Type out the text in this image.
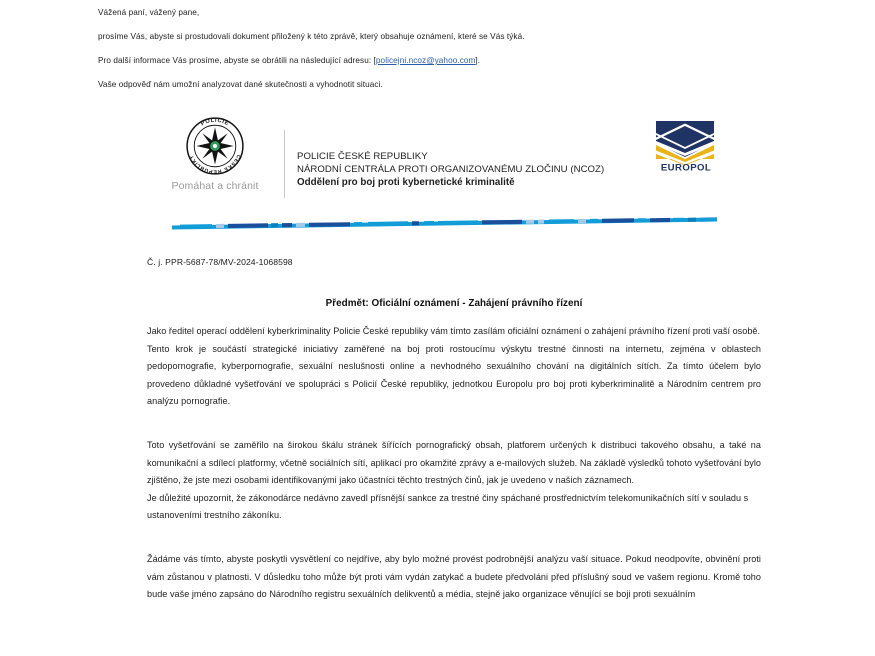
Vážená paní, vážený pane,

prosíme Vás, abyste si prostudovali dokument přiložený k této zprávě, který obsahuje oznámení, které se Vás týká.

Pro další informace Vás prosíme, abyste se obrátili na následující adresu: [policejni.ncoz@yahoo.com].

Vaše odpověď nám umožní analyzovat dané skutečnosti a vyhodnotit situaci.

POLICIE
ČESKÉ REPUBLIKY
Pomáhat a chránit
POLICIE ČESKÉ REPUBLIKY
NÁRODNÍ CENTRÁLA PROTI ORGANIZOVANÉMU ZLOČINU (NCOZ)
Oddělení pro boj proti kybernetické kriminalitě
EUROPOL
Č. j. PPR-5687-78/MV-2024-1068598
Předmět: Oficiální oznámení - Zahájení právního řízení
Jako ředitel operací oddělení kyberkriminality Policie České republiky vám tímto zasílám oficiální oznámení o zahájení právního řízení proti vaší osobě.
Tento krok je součástí strategické iniciativy zaměřené na boj proti rostoucímu výskytu trestné činnosti na internetu, zejména v oblastech pedopornografie, kyberpornografie, sexuální neslušnosti online a nevhodného sexuálního chování na digitálních sítích. Za tímto účelem bylo provedeno důkladné vyšetřování ve spolupráci s Policií České republiky, jednotkou Europolu pro boj proti kyberkriminalitě a Národním centrem pro analýzu pornografie.
Toto vyšetřování se zaměřilo na širokou škálu stránek šířících pornografický obsah, platforem určených k distribuci takového obsahu, a také na komunikační a sdílecí platformy, včetně sociálních sítí, aplikací pro okamžité zprávy a e-mailových služeb. Na základě výsledků tohoto vyšetřování bylo zjištěno, že jste mezi osobami identifikovanými jako účastníci těchto trestných činů, jak je uvedeno v našich záznamech.
Je důležité upozornit, že zákonodárce nedávno zavedl přísnější sankce za trestné činy spáchané prostřednictvím telekomunikačních sítí v souladu s ustanoveními trestního zákoníku.
Žádáme vás tímto, abyste poskytli vysvětlení co nejdříve, aby bylo možné provést podrobnější analýzu vaší situace. Pokud neodpovíte, obvinění proti vám zůstanou v platnosti. V důsledku toho může být proti vám vydán zatykač a budete předvoláni před příslušný soud ve vašem regionu. Kromě toho bude vaše jméno zapsáno do Národního registru sexuálních delikventů a média, stejně jako organizace věnující se boji proti sexuálním
